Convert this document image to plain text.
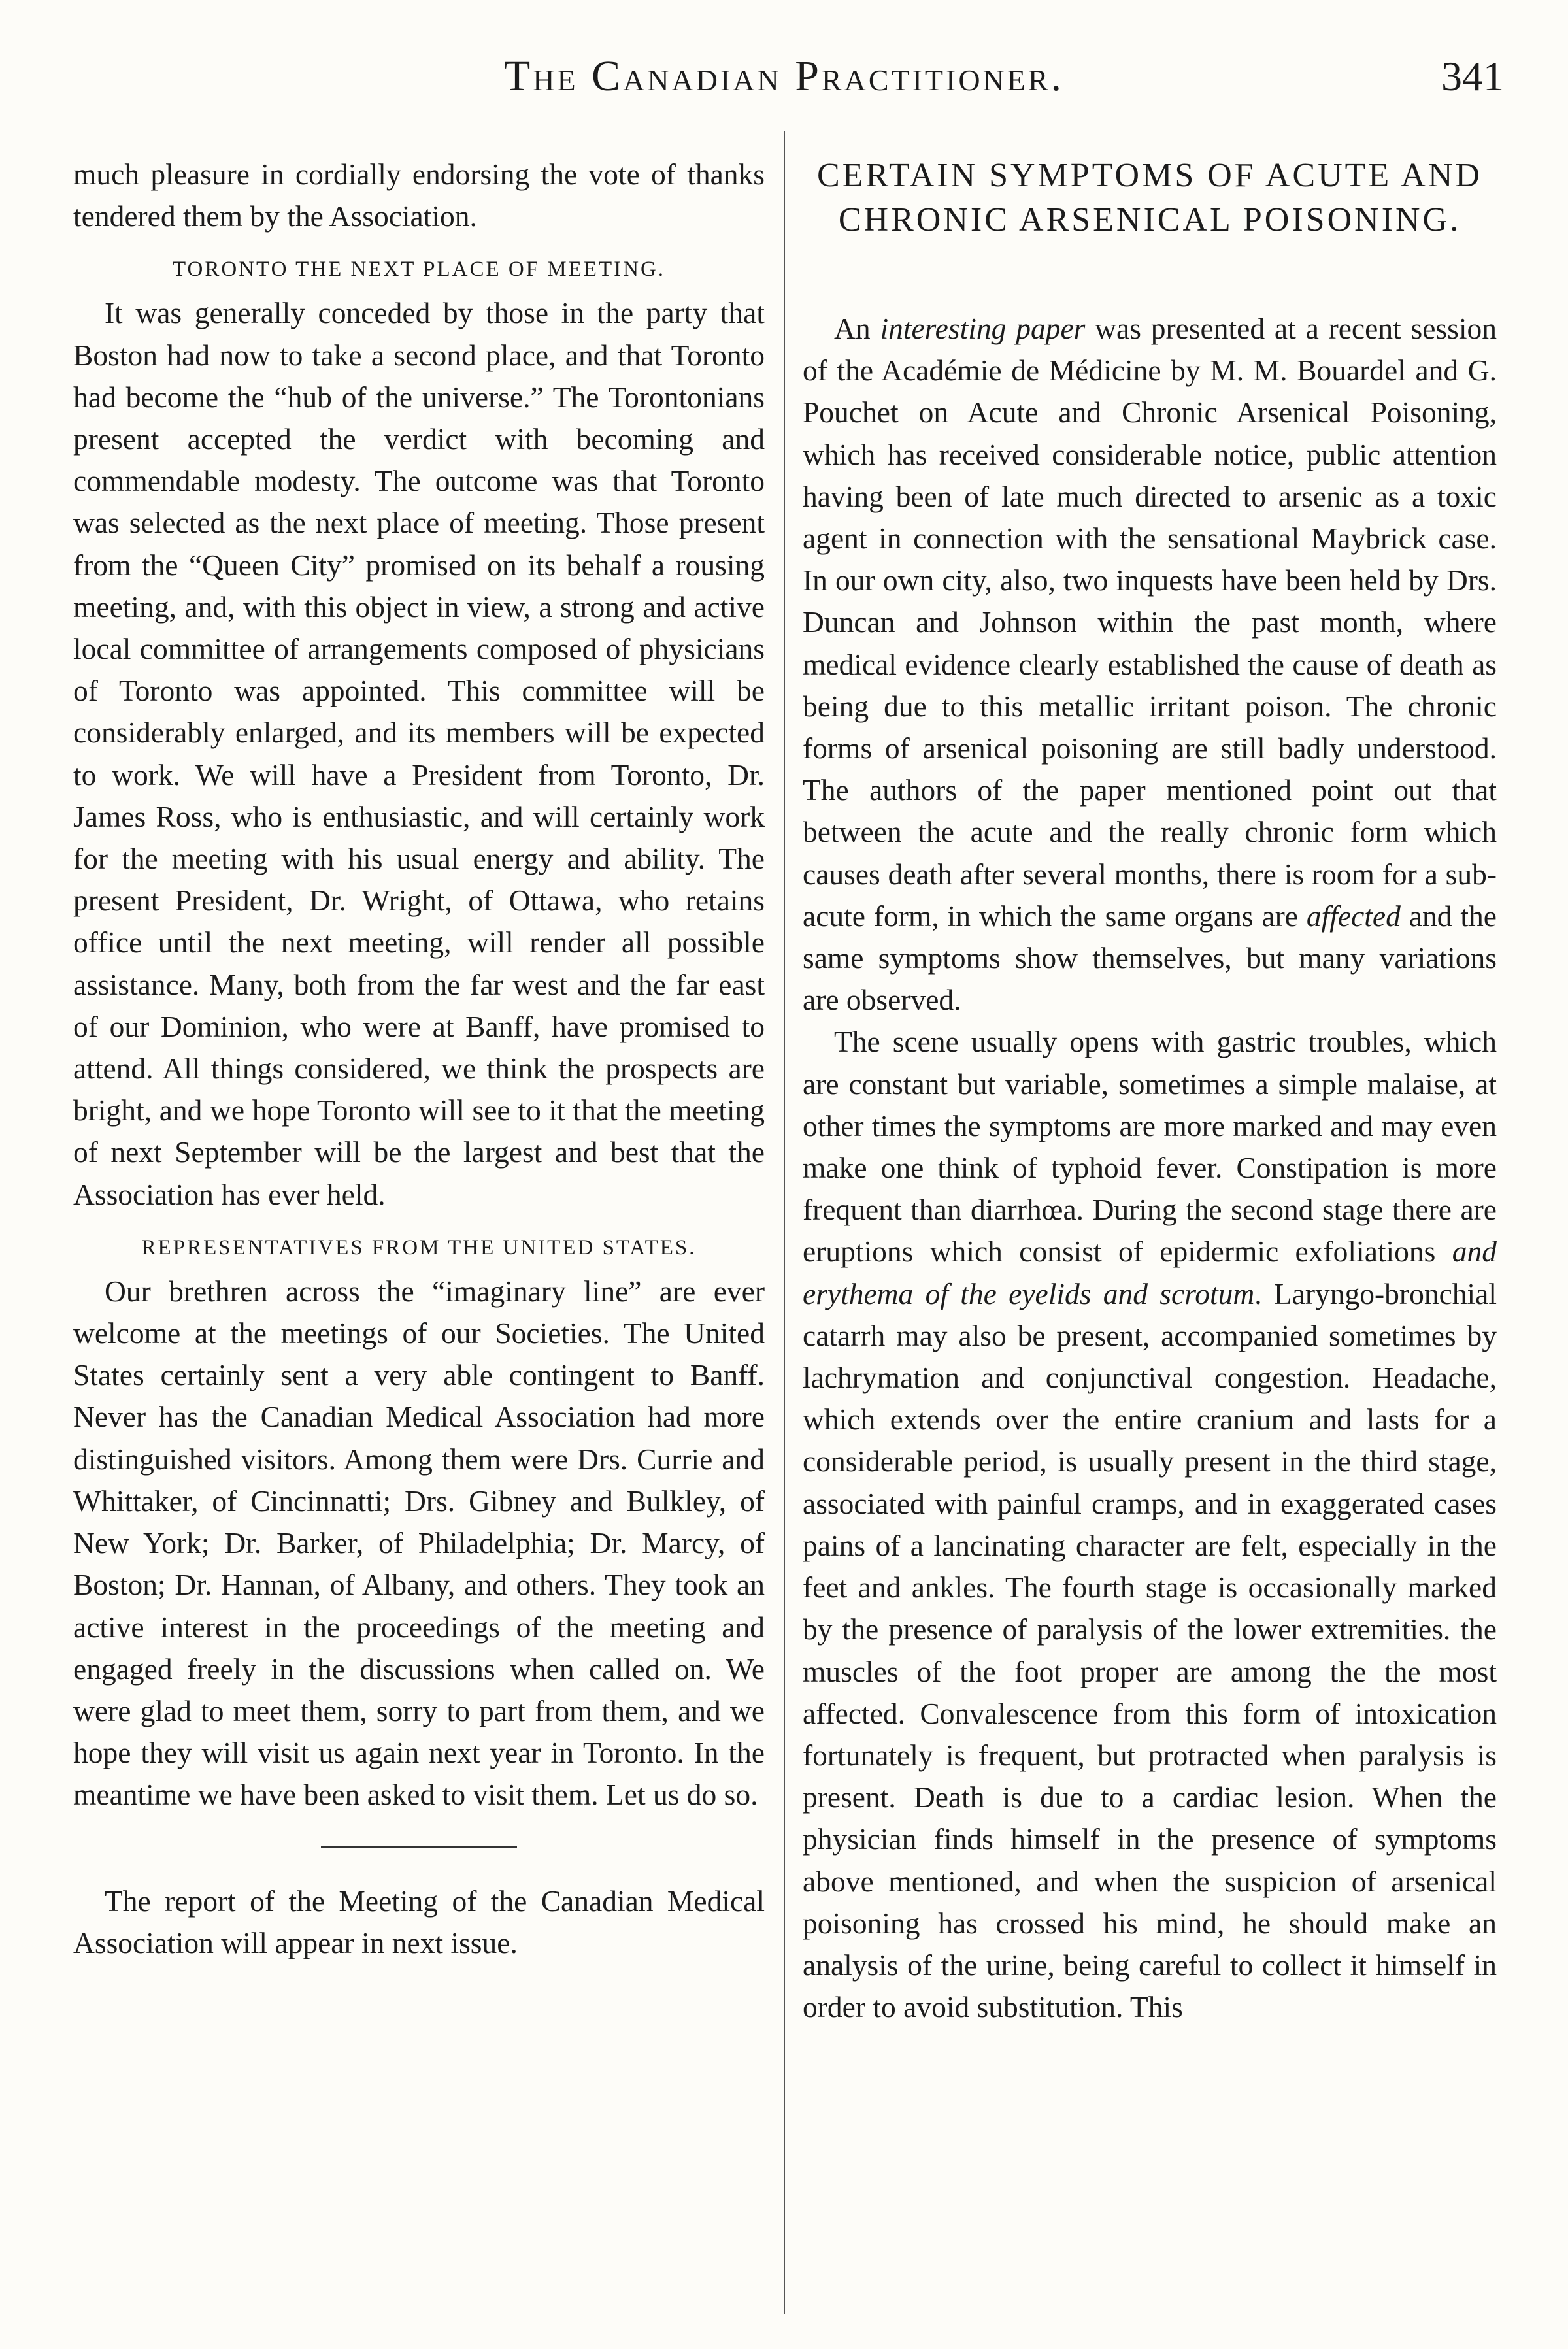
The Canadian Practitioner.	341

much pleasure in cordially endorsing the vote of thanks tendered them by the Association.

TORONTO THE NEXT PLACE OF MEETING.

It was generally conceded by those in the party that Boston had now to take a second place, and that Toronto had become the “hub of the universe.” The Torontonians present accepted the verdict with becoming and commendable modesty. The outcome was that Toronto was selected as the next place of meeting. Those present from the “Queen City” promised on its behalf a rousing meeting, and, with this object in view, a strong and active local committee of arrangements composed of physicians of Toronto was appointed. This committee will be considerably enlarged, and its members will be expected to work. We will have a President from Toronto, Dr. James Ross, who is enthusiastic, and will certainly work for the meeting with his usual energy and ability. The present President, Dr. Wright, of Ottawa, who retains office until the next meeting, will render all possible assistance. Many, both from the far west and the far east of our Dominion, who were at Banff, have promised to attend. All things considered, we think the prospects are bright, and we hope Toronto will see to it that the meeting of next September will be the largest and best that the Association has ever held.

REPRESENTATIVES FROM THE UNITED STATES.

Our brethren across the “imaginary line” are ever welcome at the meetings of our Societies. The United States certainly sent a very able contingent to Banff. Never has the Canadian Medical Association had more distinguished visitors. Among them were Drs. Currie and Whittaker, of Cincinnatti; Drs. Gibney and Bulkley, of New York; Dr. Barker, of Philadelphia; Dr. Marcy, of Boston; Dr. Hannan, of Albany, and others. They took an active interest in the proceedings of the meeting and engaged freely in the discussions when called on. We were glad to meet them, sorry to part from them, and we hope they will visit us again next year in Toronto. In the meantime we have been asked to visit them. Let us do so.

The report of the Meeting of the Canadian Medical Association will appear in next issue.

CERTAIN SYMPTOMS OF ACUTE AND CHRONIC ARSENICAL POISONING.

An interesting paper was presented at a recent session of the Académie de Médicine by M. M. Bouardel and G. Pouchet on Acute and Chronic Arsenical Poisoning, which has received considerable notice, public attention having been of late much directed to arsenic as a toxic agent in connection with the sensational Maybrick case. In our own city, also, two inquests have been held by Drs. Duncan and Johnson within the past month, where medical evidence clearly established the cause of death as being due to this metallic irritant poison. The chronic forms of arsenical poisoning are still badly understood. The authors of the paper mentioned point out that between the acute and the really chronic form which causes death after several months, there is room for a sub-acute form, in which the same organs are affected and the same symptoms show themselves, but many variations are observed.

The scene usually opens with gastric troubles, which are constant but variable, sometimes a simple malaise, at other times the symptoms are more marked and may even make one think of typhoid fever. Constipation is more frequent than diarrhœa. During the second stage there are eruptions which consist of epidermic exfoliations and erythema of the eyelids and scrotum. Laryngo-bronchial catarrh may also be present, accompanied sometimes by lachrymation and conjunctival congestion. Headache, which extends over the entire cranium and lasts for a considerable period, is usually present in the third stage, associated with painful cramps, and in exaggerated cases pains of a lancinating character are felt, especially in the feet and ankles. The fourth stage is occasionally marked by the presence of paralysis of the lower extremities. the muscles of the foot proper are among the the most affected. Convalescence from this form of intoxication fortunately is frequent, but protracted when paralysis is present. Death is due to a cardiac lesion. When the physician finds himself in the presence of symptoms above mentioned, and when the suspicion of arsenical poisoning has crossed his mind, he should make an analysis of the urine, being careful to collect it himself in order to avoid substitution. This
